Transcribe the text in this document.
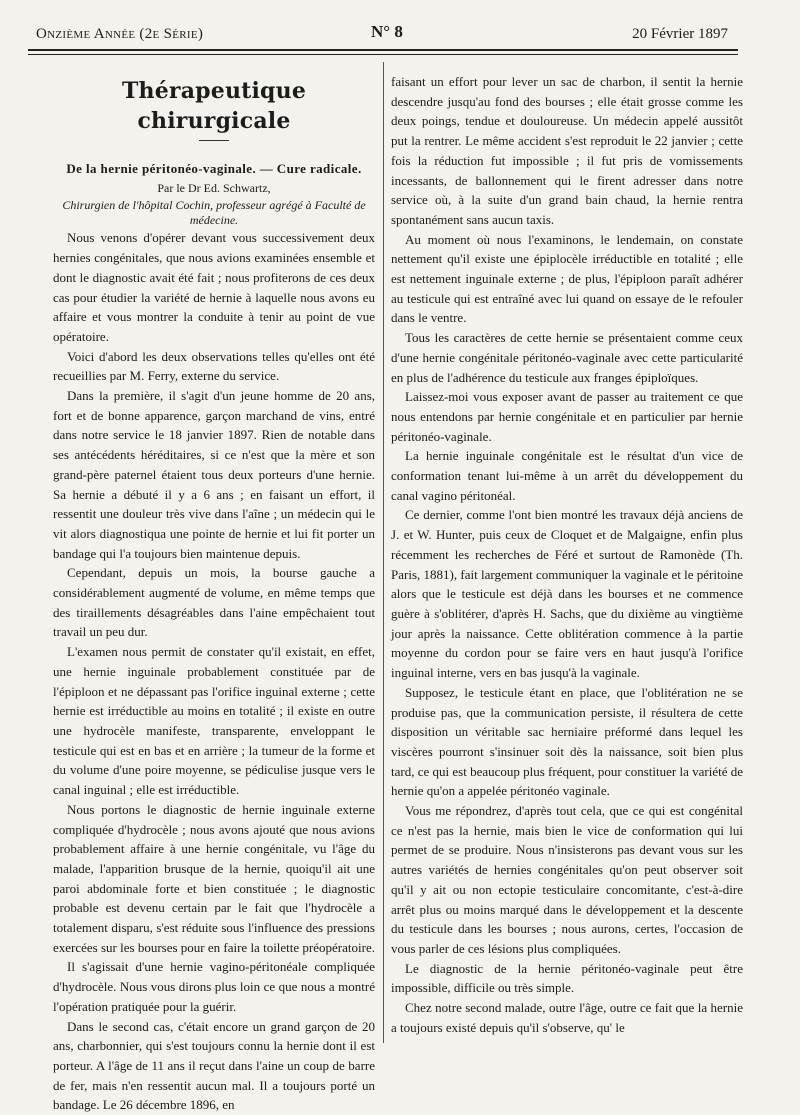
Onzième Année (2e Série)	N° 8	20 Février 1897
Thérapeutique chirurgicale

De la hernie péritonéo-vaginale. — Cure radicale.

Par le Dr Ed. Schwartz,

Chirurgien de l'hôpital Cochin, professeur agrégé à Faculté de médecine.

Nous venons d'opérer devant vous successivement deux hernies congénitales, que nous avions examinées ensemble et dont le diagnostic avait été fait ; nous profiterons de ces deux cas pour étudier la variété de hernie à laquelle nous avons eu affaire et vous montrer la conduite à tenir au point de vue opératoire.

Voici d'abord les deux observations telles qu'elles ont été recueillies par M. Ferry, externe du service.

Dans la première, il s'agit d'un jeune homme de 20 ans, fort et de bonne apparence, garçon marchand de vins, entré dans notre service le 18 janvier 1897. Rien de notable dans ses antécédents héréditaires, si ce n'est que la mère et son grand-père paternel étaient tous deux porteurs d'une hernie. Sa hernie a débuté il y a 6 ans ; en faisant un effort, il ressentit une douleur très vive dans l'aîne ; un médecin qui le vit alors diagnostiqua une pointe de hernie et lui fit porter un bandage qui l'a toujours bien maintenue depuis.

Cependant, depuis un mois, la bourse gauche a considérablement augmenté de volume, en même temps que des tiraillements désagréables dans l'aine empêchaient tout travail un peu dur.

L'examen nous permit de constater qu'il existait, en effet, une hernie inguinale probablement constituée par de l'épiploon et ne dépassant pas l'orifice inguinal externe ; cette hernie est irréductible au moins en totalité ; il existe en outre une hydrocèle manifeste, transparente, enveloppant le testicule qui est en bas et en arrière ; la tumeur de la forme et du volume d'une poire moyenne, se pédiculise jusque vers le canal inguinal ; elle est irréductible.

Nous portons le diagnostic de hernie inguinale externe compliquée d'hydrocèle ; nous avons ajouté que nous avions probablement affaire à une hernie congénitale, vu l'âge du malade, l'apparition brusque de la hernie, quoiqu'il ait une paroi abdominale forte et bien constituée ; le diagnostic probable est devenu certain par le fait que l'hydrocèle a totalement disparu, s'est réduite sous l'influence des pressions exercées sur les bourses pour en faire la toilette préopératoire.

Il s'agissait d'une hernie vagino-péritonéale compliquée d'hydrocèle. Nous vous dirons plus loin ce que nous a montré l'opération pratiquée pour la guérir.

Dans le second cas, c'était encore un grand garçon de 20 ans, charbonnier, qui s'est toujours connu la hernie dont il est porteur. A l'âge de 11 ans il reçut dans l'aine un coup de barre de fer, mais n'en ressentit aucun mal. Il a toujours porté un bandage. Le 26 décembre 1896, en

faisant un effort pour lever un sac de charbon, il sentit la hernie descendre jusqu'au fond des bourses ; elle était grosse comme les deux poings, tendue et douloureuse. Un médecin appelé aussitôt put la rentrer. Le même accident s'est reproduit le 22 janvier ; cette fois la réduction fut impossible ; il fut pris de vomissements incessants, de ballonnement qui le firent adresser dans notre service où, à la suite d'un grand bain chaud, la hernie rentra spontanément sans aucun taxis.

Au moment où nous l'examinons, le lendemain, on constate nettement qu'il existe une épiplocèle irréductible en totalité ; elle est nettement inguinale externe ; de plus, l'épiploon paraît adhérer au testicule qui est entraîné avec lui quand on essaye de le refouler dans le ventre.

Tous les caractères de cette hernie se présentaient comme ceux d'une hernie congénitale péritonéo-vaginale avec cette particularité en plus de l'adhérence du testicule aux franges épiploïques.

Laissez-moi vous exposer avant de passer au traitement ce que nous entendons par hernie congénitale et en particulier par hernie péritonéo-vaginale.

La hernie inguinale congénitale est le résultat d'un vice de conformation tenant lui-même à un arrêt du développement du canal vagino péritonéal.

Ce dernier, comme l'ont bien montré les travaux déjà anciens de J. et W. Hunter, puis ceux de Cloquet et de Malgaigne, enfin plus récemment les recherches de Féré et surtout de Ramonède (Th. Paris, 1881), fait largement communiquer la vaginale et le péritoine alors que le testicule est déjà dans les bourses et ne commence guère à s'oblitérer, d'après H. Sachs, que du dixième au vingtième jour après la naissance. Cette oblitération commence à la partie moyenne du cordon pour se faire vers en haut jusqu'à l'orifice inguinal interne, vers en bas jusqu'à la vaginale.

Supposez, le testicule étant en place, que l'oblitération ne se produise pas, que la communication persiste, il résultera de cette disposition un véritable sac herniaire préformé dans lequel les viscères pourront s'insinuer soit dès la naissance, soit bien plus tard, ce qui est beaucoup plus fréquent, pour constituer la variété de hernie qu'on a appelée péritonéo vaginale.

Vous me répondrez, d'après tout cela, que ce qui est congénital ce n'est pas la hernie, mais bien le vice de conformation qui lui permet de se produire. Nous n'insisterons pas devant vous sur les autres variétés de hernies congénitales qu'on peut observer soit qu'il y ait ou non ectopie testiculaire concomitante, c'est-à-dire arrêt plus ou moins marqué dans le développement et la descente du testicule dans les bourses ; nous aurons, certes, l'occasion de vous parler de ces lésions plus compliquées.

Le diagnostic de la hernie péritonéo-vaginale peut être impossible, difficile ou très simple.

Chez notre second malade, outre l'âge, outre ce fait que la hernie a toujours existé depuis qu'il s'observe, qu' le
